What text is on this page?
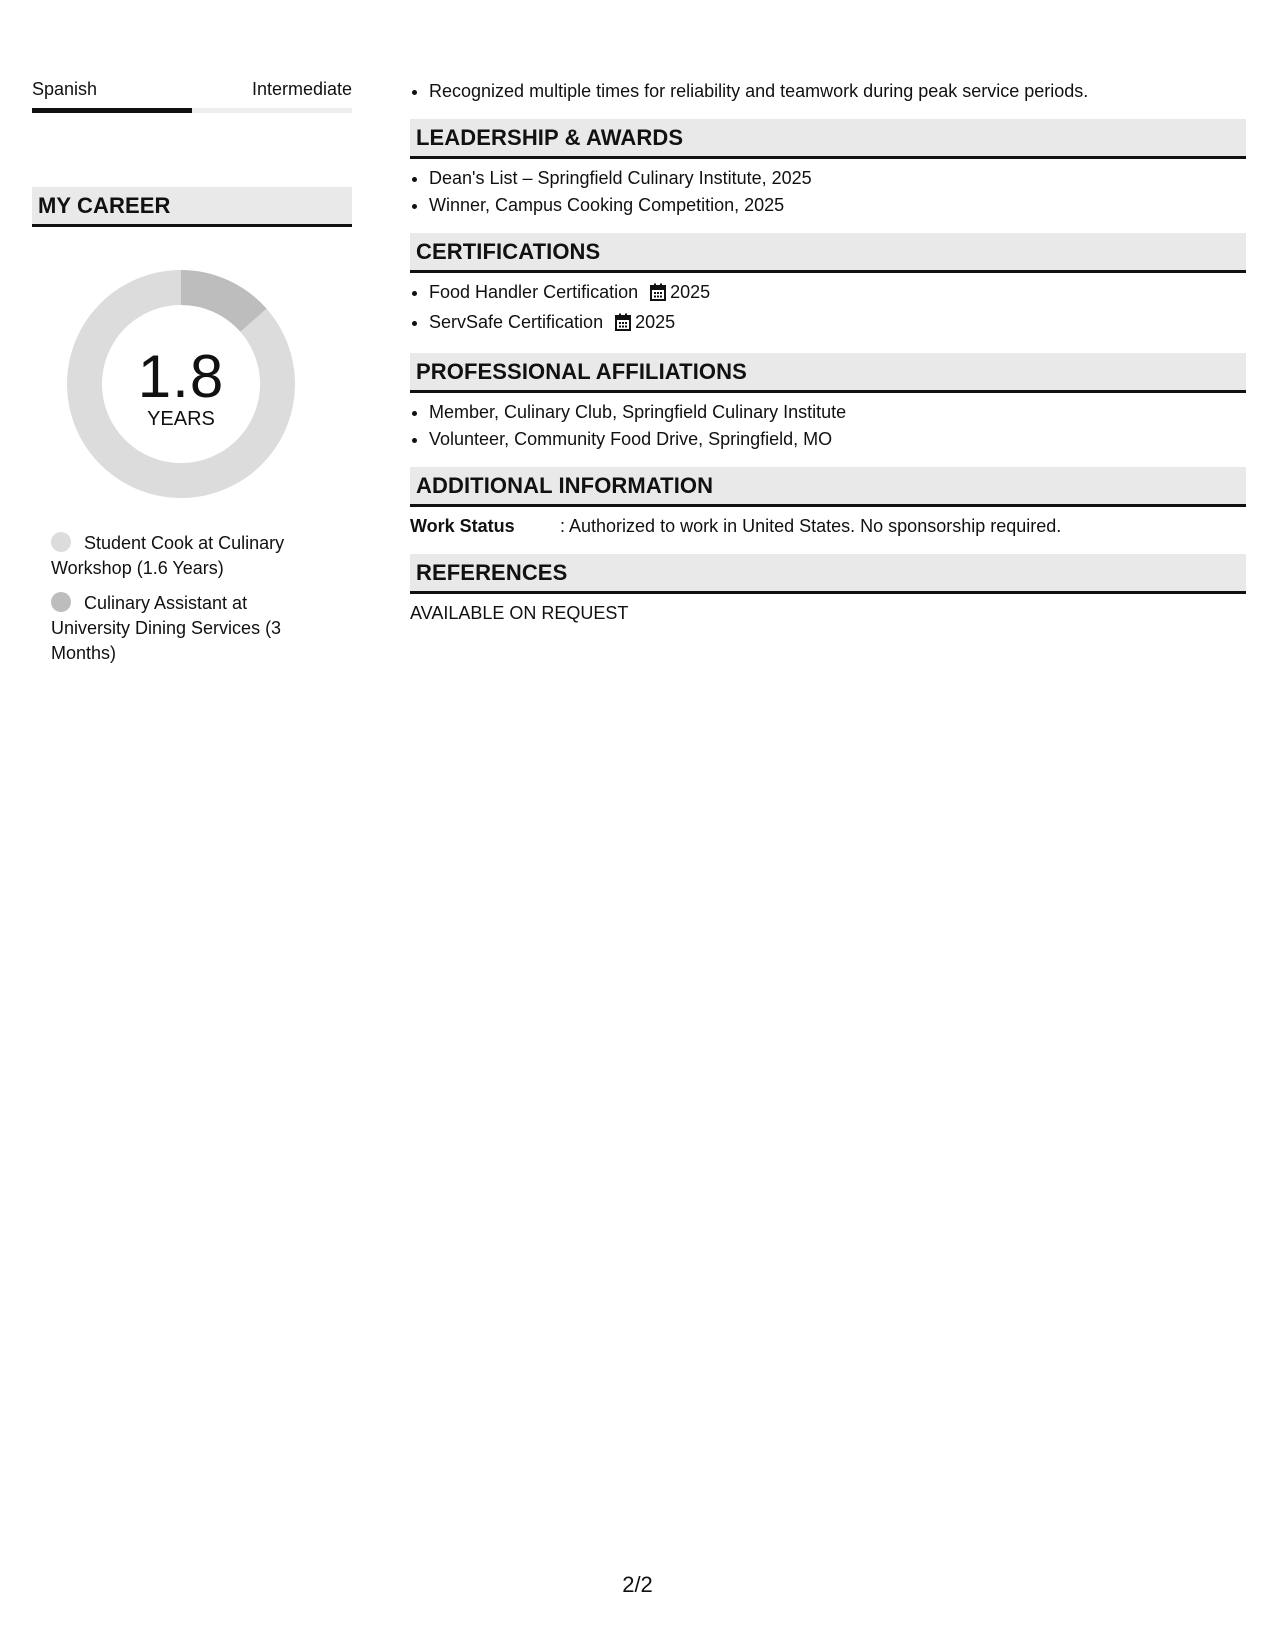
Spanish	Intermediate
MY CAREER
1.8
YEARS
Student Cook at Culinary Workshop (1.6 Years)
Culinary Assistant at University Dining Services (3 Months)
• Recognized multiple times for reliability and teamwork during peak service periods.
LEADERSHIP & AWARDS
• Dean's List – Springfield Culinary Institute, 2025
• Winner, Campus Cooking Competition, 2025
CERTIFICATIONS
• Food Handler Certification 2025
• ServSafe Certification 2025
PROFESSIONAL AFFILIATIONS
• Member, Culinary Club, Springfield Culinary Institute
• Volunteer, Community Food Drive, Springfield, MO
ADDITIONAL INFORMATION
Work Status	: Authorized to work in United States. No sponsorship required.
REFERENCES
AVAILABLE ON REQUEST
2/2
